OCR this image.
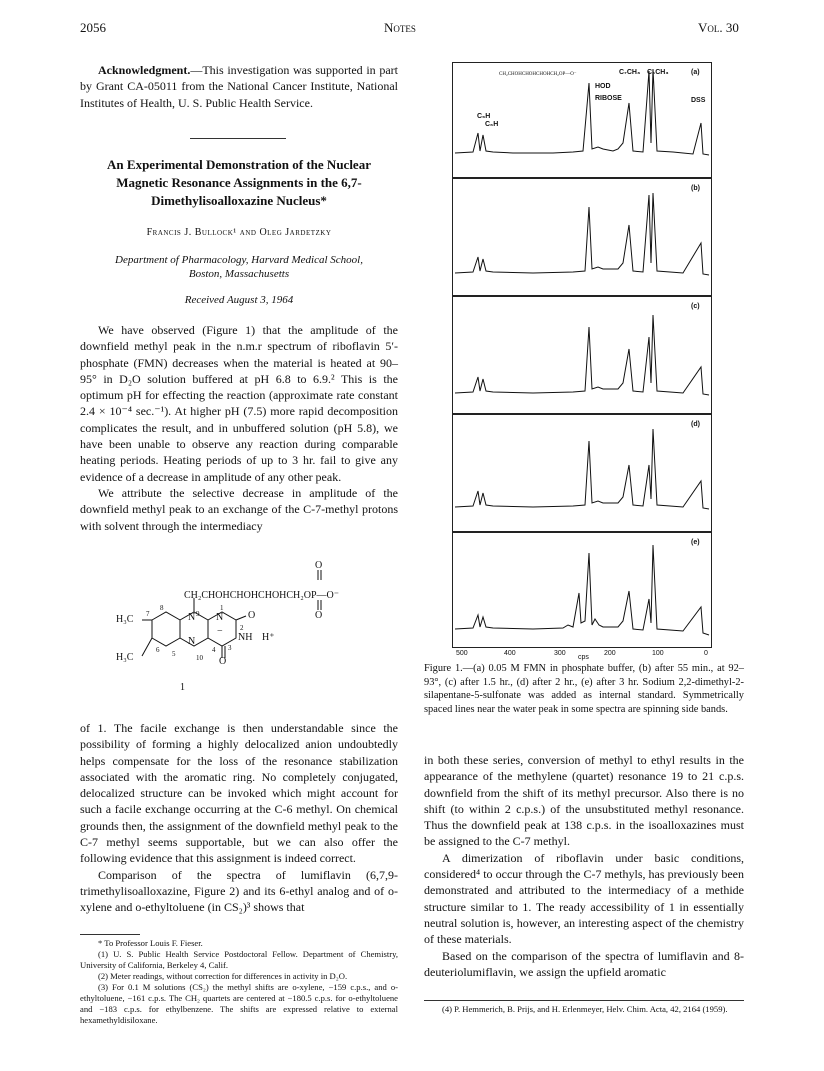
2056	Notes	Vol. 30

Acknowledgment.—This investigation was supported in part by Grant CA-05011 from the National Cancer Institute, National Institutes of Health, U. S. Public Health Service.

An Experimental Demonstration of the Nuclear Magnetic Resonance Assignments in the 6,7-Dimethylisoalloxazine Nucleus*
Francis J. Bullock¹ and Oleg Jardetzky
Department of Pharmacology, Harvard Medical School, Boston, Massachusetts
Received August 3, 1964

We have observed (Figure 1) that the amplitude of the downfield methyl peak in the n.m.r spectrum of riboflavin 5′-phosphate (FMN) decreases when the material is heated at 90–95° in D₂O solution buffered at pH 6.8 to 6.9.² This is the optimum pH for effecting the reaction (approximate rate constant 2.4 × 10⁻⁴ sec.⁻¹). At higher pH (7.5) more rapid decomposition complicates the result, and in unbuffered solution (pH 5.8), we have been unable to observe any reaction during comparable heating periods. Heating periods of up to 3 hr. fail to give any evidence of a decrease in amplitude of any other peak.

We attribute the selective decrease in amplitude of the downfield methyl peak to an exchange of the C-7-methyl protons with solvent through the intermediacy

O
CH₂CHOHCHOHCHOHCH₂OP—O⁻
O
H₃C
H₃C
N N
N
O
NH H⁺
O
−
1
7
8
6 5
9
10
1
2
3
4

of 1. The facile exchange is then understandable since the possibility of forming a highly delocalized anion undoubtedly helps compensate for the loss of the resonance stabilization associated with the aromatic ring. No completely conjugated, delocalized structure can be invoked which might account for such a facile exchange occurring at the C-6 methyl. On chemical grounds then, the assignment of the downfield methyl peak to the C-7 methyl seems supportable, but we can also offer the following evidence that this assignment is indeed correct.

Comparison of the spectra of lumiflavin (6,7,9-trimethylisoalloxazine, Figure 2) and its 6-ethyl analog and of o-xylene and o-ethyltoluene (in CS₂)³ shows that

* To Professor Louis F. Fieser.

(1) U. S. Public Health Service Postdoctoral Fellow. Department of Chemistry, University of California, Berkeley 4, Calif.

(2) Meter readings, without correction for differences in activity in D₂O.

(3) For 0.1 M solutions (CS₂) the methyl shifts are o-xylene, −159 c.p.s., and o-ethyltoluene, −161 c.p.s. The CH₂ quartets are centered at −180.5 c.p.s. for o-ethyltoluene and −183 c.p.s. for ethylbenzene. The shifts are expressed relative to external hexamethyldisiloxane.

(a)
CH₂CHOHCHOHCHOHCH₂OP—O⁻
HOD
RIBOSE
C₇CH₃ C₆CH₃
DSS
C₉H
C₆H
(b)
(c)
(d)
(e)
500	400	300
cps
200	100	0
Figure 1.—(a) 0.05 M FMN in phosphate buffer, (b) after 55 min., at 92–93°, (c) after 1.5 hr., (d) after 2 hr., (e) after 3 hr. Sodium 2,2-dimethyl-2-silapentane-5-sulfonate was added as internal standard. Symmetrically spaced lines near the water peak in some spectra are spinning side bands.

in both these series, conversion of methyl to ethyl results in the appearance of the methylene (quartet) resonance 19 to 21 c.p.s. downfield from the shift of its methyl precursor. Also there is no shift (to within 2 c.p.s.) of the unsubstituted methyl resonance. Thus the downfield peak at 138 c.p.s. in the isoalloxazines must be assigned to the C-7 methyl.

A dimerization of riboflavin under basic conditions, considered⁴ to occur through the C-7 methyls, has previously been demonstrated and attributed to the intermediacy of a methide structure similar to 1. The ready accessibility of 1 in essentially neutral solution is, however, an interesting aspect of the chemistry of these materials.

Based on the comparison of the spectra of lumiflavin and 8-deuteriolumiflavin, we assign the upfield aromatic

(4) P. Hemmerich, B. Prijs, and H. Erlenmeyer, Helv. Chim. Acta, 42, 2164 (1959).
